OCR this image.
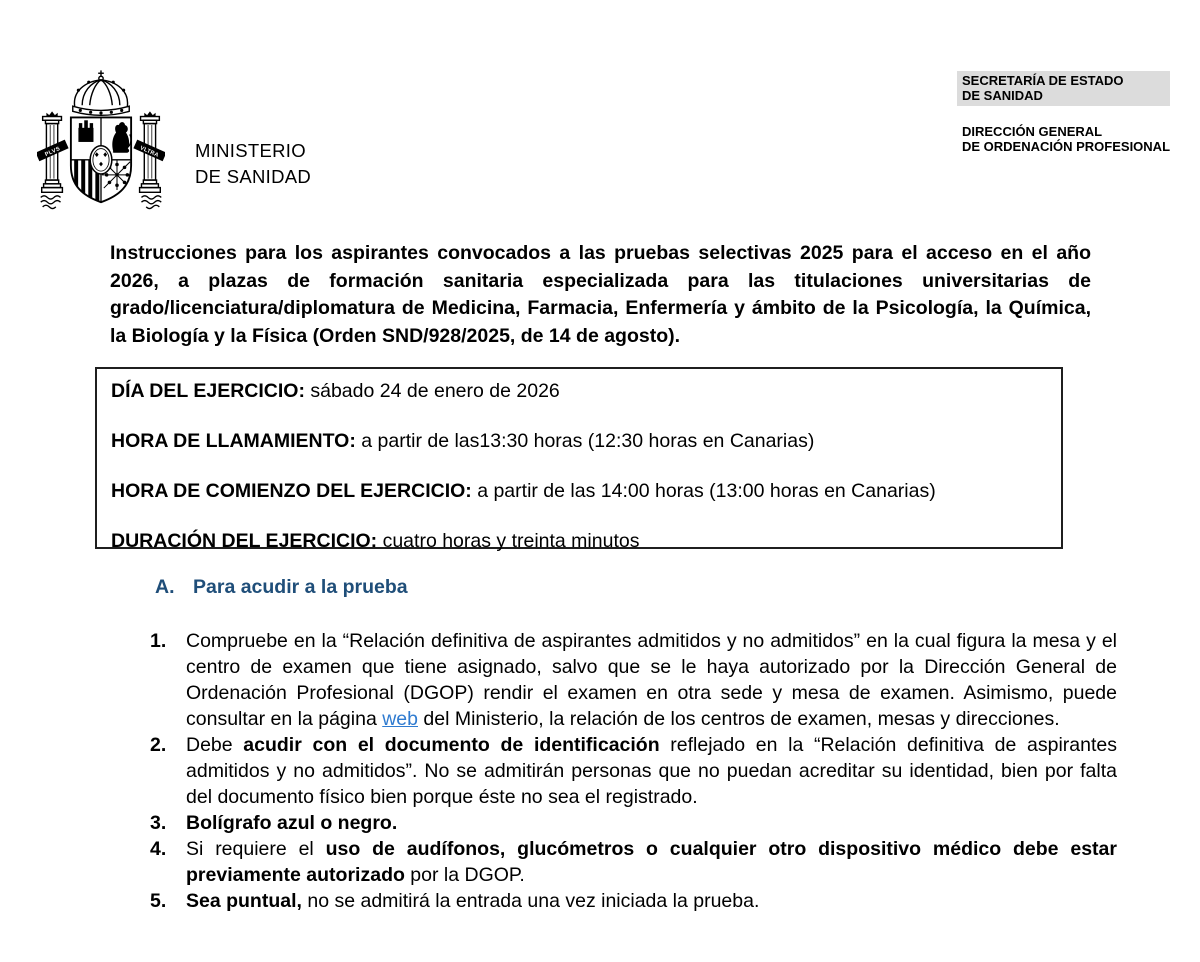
PLVS	VLTRA MINISTERIO
DE SANIDAD
SECRETARÍA DE ESTADO
DE SANIDAD
DIRECCIÓN GENERAL
DE ORDENACIÓN PROFESIONAL
Instrucciones para los aspirantes convocados a las pruebas selectivas 2025 para el acceso en el año 2026, a plazas de formación sanitaria especializada para las titulaciones universitarias de grado/licenciatura/diplomatura de Medicina, Farmacia, Enfermería y ámbito de la Psicología, la Química, la Biología y la Física (Orden SND/928/2025, de 14 de agosto).
DÍA DEL EJERCICIO: sábado 24 de enero de 2026
HORA DE LLAMAMIENTO: a partir de las13:30 horas (12:30 horas en Canarias)
HORA DE COMIENZO DEL EJERCICIO: a partir de las 14:00 horas (13:00 horas en Canarias)
DURACIÓN DEL EJERCICIO: cuatro horas y treinta minutos
A. Para acudir a la prueba
1.	Compruebe en la “Relación definitiva de aspirantes admitidos y no admitidos” en la cual figura la mesa y el centro de examen que tiene asignado, salvo que se le haya autorizado por la Dirección General de Ordenación Profesional (DGOP) rendir el examen en otra sede y mesa de examen. Asimismo, puede consultar en la página web del Ministerio, la relación de los centros de examen, mesas y direcciones.
2.	Debe acudir con el documento de identificación reflejado en la “Relación definitiva de aspirantes admitidos y no admitidos”. No se admitirán personas que no puedan acreditar su identidad, bien por falta del documento físico bien porque éste no sea el registrado.
3.	Bolígrafo azul o negro.
4.	Si requiere el uso de audífonos, glucómetros o cualquier otro dispositivo médico debe estar previamente autorizado por la DGOP.
5.	Sea puntual, no se admitirá la entrada una vez iniciada la prueba.
